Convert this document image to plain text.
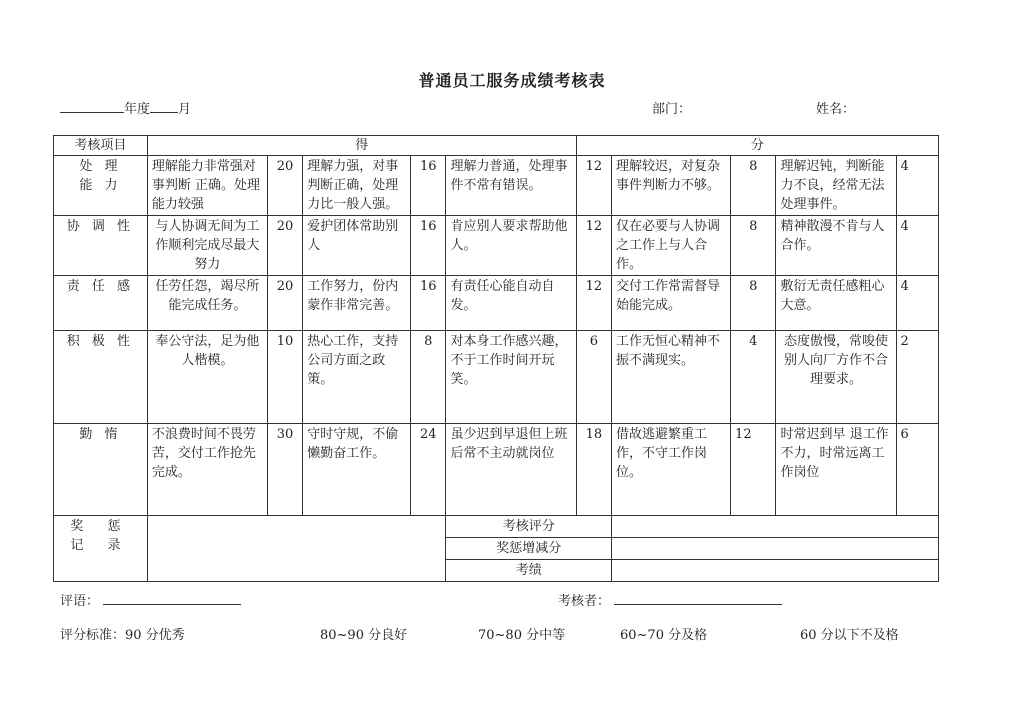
普通员工服务成绩考核表
年度 月	部门：	姓名：
考核项目	得					分				
处 理
能 力	理解能力非常强对事判断 正确。处理能力较强	20	理解力强，对事判断正确，处理力比一般人强。	16	理解力普通，处理事件不常有错误。	12	理解较迟，对复杂事件判断力不够。	8	理解迟钝，判断能力不良，经常无法 处理事件。	4
协 调 性	与人协调无间为工作顺利完成尽最大努力	20	爱护团体常助别人	16	肯应别人要求帮助他人。	12	仅在必要与人协调之工作上与人合作。	8	精神散漫不肯与人合作。	4
责 任 感	任劳任怨，竭尽所能完成任务。	20	工作努力，份内蒙作非常完善。	16	有责任心能自动自发。	12	交付工作常需督导始能完成。	8	敷衍无责任感粗心大意。	4
积 极 性	奉公守法，足为他人楷模。	10	热心工作，支持公司方面之政策。	8	对本身工作感兴趣，不于工作时间开玩笑。	6	工作无恒心精神不振不满现实。	4	态度傲慢，常唆使别人向厂方作不合理要求。	2
勤 惰	不浪费时间不畏劳苦，交付工作抢先完成。	30	守时守规，不偷懒勤奋工作。	24	虽少迟到早退但上班后常不主动就岗位	18	借故逃避繁重工作，不守工作岗位。	12	时常迟到早 退工作不力，时常远离工作岗位	6
奖 惩
记 录					考核评分					
					奖惩增减分					
					考绩					
评语：	考核者：
评分标准：90 分优秀	80~90 分良好	70~80 分中等	60~70 分及格	60 分以下不及格
